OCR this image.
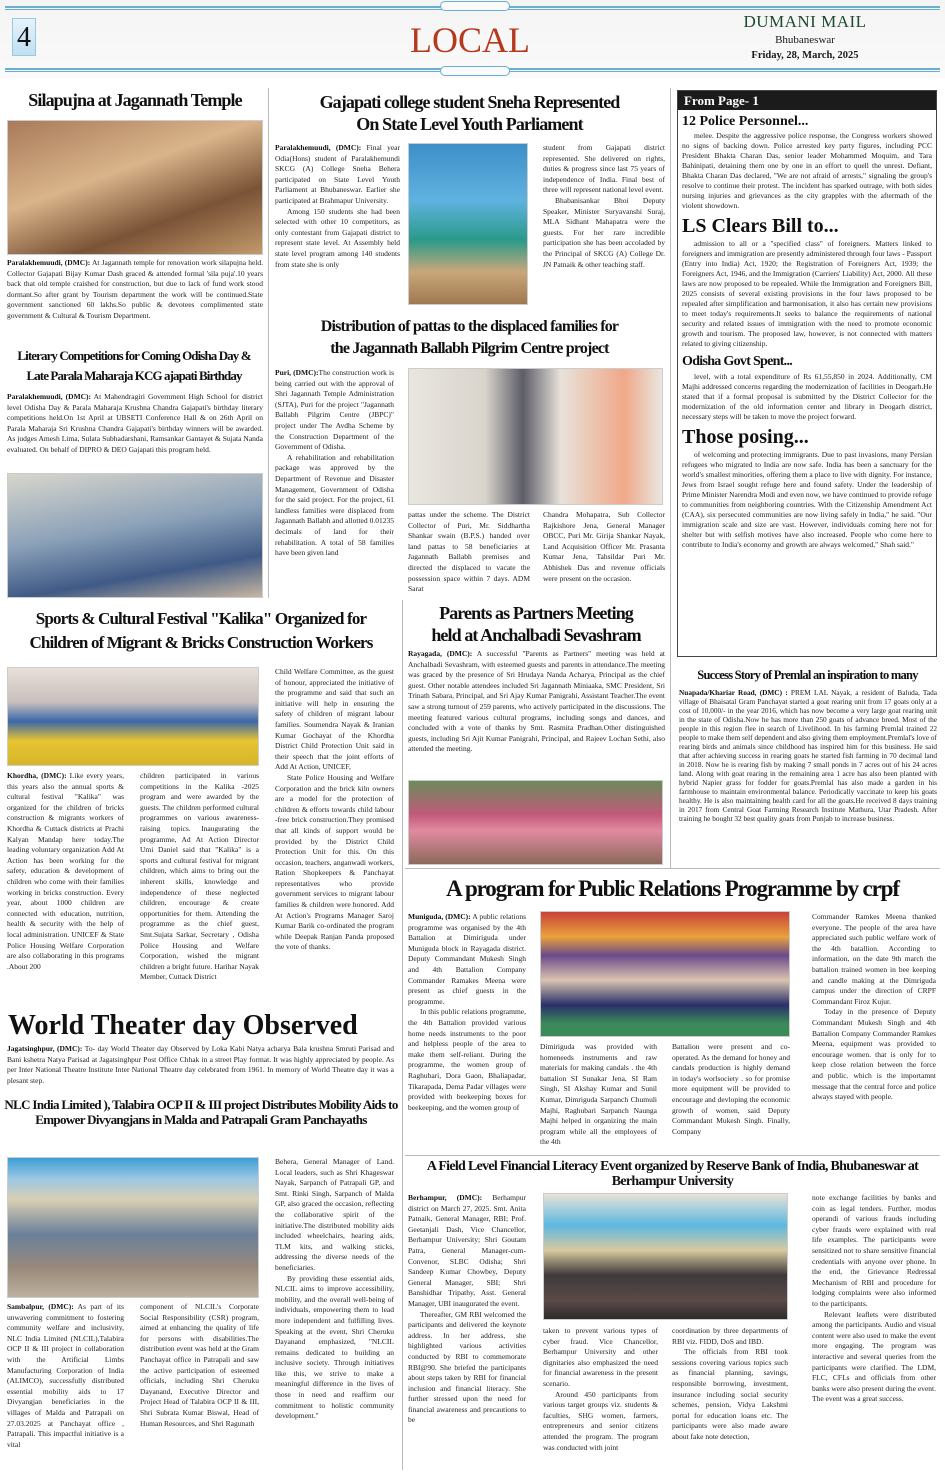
4	LOCAL	DUMANI MAIL
Bhubaneswar
Friday, 28, March, 2025
Silapujna at Jagannath Temple

Paralakhemuudi, (DMC): At Jagannath temple for renovation work silapujna held. Collector Gajapati Bijay Kumar Dash graced & attended formal 'sila puja'.10 years back that old temple craished for construction, but due to lack of fund work stood dormant.So after grant by Tourism department the work will be continued.State government sanctioned 60 lakhs.So public & devotees complimented state government & Cultural & Tourism Department.

Literary Competitions for Coming Odisha Day &
Late Parala Maharaja KCG ajapati Birthday

Paralakhemuudi, (DMC): At Mahendragiri Government High School for district level Odisha Day & Parala Maharaja Krushna Chandra Gajapati's birthday literary competitions held.On 1st April at UBSETI Conference Hall & on 26th April on Parala Maharaja Sri Krushna Chandra Gajapati's birthday winners will be awarded. As judges Amesh Lima, Sulata Subhadarshani, Ramsankar Gantayet & Sujata Nanda evaluated. On behalf of DIPRO & DEO Gajapati this program held.

Gajapati college student Sneha Represented
On State Level Youth Parliament

Paralakhemuudi, (DMC): Final year Odia(Hons) student of Paralakhemundi SKCG (A) College Sneha Behera participated on State Level Youth Parliament at Bhubaneswar. Earlier she participated at Brahmapur University.

Among 150 students she had been selected with other 10 competitors, as only contestant from Gajapati district to represent state level. At Assembly held state level program among 140 students from state she is only

student from Gajapati district represented. She delivered on rights, duties & progress since last 75 years of independence of India. Final best of three will represent national level event.

Bhabanisankar Bhoi Deputy Speaker, Minister Suryavanshi Suraj, MLA Sidhant Mahapatra were the guests. For her rare incredible participation she has been accoladed by the Principal of SKCG (A) College Dr. JN Patnaik & other teaching staff.

Distribution of pattas to the displaced families for
the Jagannath Ballabh Pilgrim Centre project

Puri, (DMC):The construction work is being carried out with the approval of Shri Jagannath Temple Administration (SJTA), Puri for the project "Jagannath Ballabh Pilgrim Centre (JBPC)" project under The Avdha Scheme by the Construction Department of the Government of Odisha.

A rehabilitation and rehabilitation package was approved by the Department of Revenue and Disaster Management, Government of Odisha for the said project. For the project, 61 landless families were displaced from Jagannath Ballabh and allotted 0.01235 decimals of land for their rehabilitation. A total of 58 families have been given land

pattas under the scheme. The District Collector of Puri, Mr. Siddhartha Shankar swain (B.P.S.) handed over land pattas to 58 beneficiaries at Jagannath Ballabh premises and directed the displaced to vacate the possession space within 7 days. ADM Sarat

Chandra Mohapatra, Sub Collector Rajkishore Jena, General Manager OBCC, Puri Mr. Girija Shankar Nayak, Land Acquisition Officer Mr. Prasanta Kumar Jena, Tahsildar Puri Mr. Abhishek Das and revenue officials were present on the occasion.

Parents as Partners Meeting
held at Anchalbadi Sevashram

Rayagada, (DMC): A successful "Parents as Partners" meeting was held at Anchalbadi Sevashram, with esteemed guests and parents in attendance.The meeting was graced by the presence of Sri Hrudaya Nanda Acharya, Principal as the chief guest. Other notable attendees included Sri Jagannath Miniaaka, SMC President, Sri Trinath Sabara, Principal, and Sri Ajay Kumar Panigrahi, Assistant Teacher.The event saw a strong turnout of 259 parents, who actively participated in the discussions. The meeting featured various cultural programs, including songs and dances, and concluded with a vote of thanks by Smt. Rasmita Pradhan.Other distinguished guests, including Sri Ajit Kumar Panigrahi, Principal, and Rajeev Lochan Sethi, also attended the meeting.

From Page- 1
12 Police Personnel...

melee. Despite the aggressive police response, the Congress workers showed no signs of backing down. Police arrested key party figures, including PCC President Bhakta Charan Das, senior leader Mohammed Moquim, and Tara Bahinipati, detaining them one by one in an effort to quell the unrest. Defiant, Bhakta Charan Das declared, "We are not afraid of arrests," signaling the group's resolve to continue their protest. The incident has sparked outrage, with both sides nursing injuries and grievances as the city grapples with the aftermath of the violent showdown.

LS Clears Bill to...

admission to all or a "specified class" of foreigners. Matters linked to foreigners and immigration are presently administered through four laws - Passport (Entry into India) Act, 1920; the Registration of Foreigners Act, 1939; the Foreigners Act, 1946, and the Immigration (Carriers' Liability) Act, 2000. All these laws are now proposed to be repealed. While the Immigration and Foreigners Bill, 2025 consists of several existing provisions in the four laws proposed to be repealed after simplification and harmonisation, it also has certain new provisions to meet today's requirements.It seeks to balance the requirements of national security and related issues of immigration with the need to promote economic growth and tourism. The proposed law, however, is not connected with matters related to giving citizenship.

Odisha Govt Spent...

level, with a total expenditure of Rs 61,55,850 in 2024. Additionally, CM Majhi addressed concerns regarding the modernization of facilities in Deogarh.He stated that if a formal proposal is submitted by the District Collector for the modernization of the old information center and library in Deogarh district, necessary steps will be taken to move the project forward.

Those posing...

of welcoming and protecting immigrants. Due to past invasions, many Persian refugees who migrated to India are now safe. India has been a sanctuary for the world's smallest minorities, offering them a place to live with dignity. For instance, Jews from Israel sought refuge here and found safety. Under the leadership of Prime Minister Narendra Modi and even now, we have continued to provide refuge to communities from neighboring countries. With the Citizenship Amendment Act (CAA), six persecuted communities are now living safely in India," he said. "Our immigration scale and size are vast. However, individuals coming here not for shelter but with selfish motives have also increased. People who come here to contribute to India's economy and growth are always welcomed," Shah said."

Success Story of Premlal an inspiration to many

Nuapada/Khariar Road, (DMC) : PREM LAL Nayak, a resident of Baluda, Tada village of Bhaisatal Gram Panchayat started a goat rearing unit from 17 goats only at a cost of 10,000/- in the year 2016, which has now become a very large goat rearing unit in the state of Odisha.Now he has more than 250 goats of advance breed. Most of the people in this region flee in search of Livelihood. In his farming Premlal trained 22 people to make them self dependent and also giving them employment.Premlal's love of rearing birds and animals since childhood has inspired him for this business. He said that after achieving success in rearing goats he started fish farming in 70 decimal land in 2018. Now he is rearing fish by making 7 small ponds in 7 acres out of his 24 acres land. Along with goat rearing in the remaining area 1 acre has also been planted with hybrid Napier grass for fodder for goats.Premlal has also made a garden in his farmhouse to maintain environmental balance. Periodically vaccinate to keep his goats healthy. He is also maintaining health card for all the goats.He received 8 days training in 2017 from Central Goat Farming Research Institute Mathura, Utar Pradesh. After training he bought 32 best quality goats from Punjab to increase business.

Sports & Cultural Festival "Kalika" Organized for
Children of Migrant & Bricks Construction Workers

Khordha, (DMC): Like every years, this years also the annual sports & cultural festival "Kalika" was organized for the children of bricks construction & migrants workers of Khordha & Cuttack districts at Prachi Kalyan Mandap here today.The leading voluntary organization Add At Action has been working for the safety, education & development of children who come with their families working in bricks construction. Every year, about 1000 children are connected with education, nutrition, health & security with the help of local administration. UNICEF & State Police Housing Welfare Corporation are also collaborating in this programs .About 200

children participated in various competitions in the Kalika -2025 program and were awarded by the guests. The children performed cultural programmes on various awareness-raising topics. Inaugurating the programme, Ad At Action Director Umi Daniel said that "Kalika" is a sports and cultural festival for migrant children, which aims to bring out the inherent skills, knowledge and independence of these neglected children, encourage & create opportunities for them. Attending the programme as the chief guest, Smt.Sujata Sarkar, Secretary , Odisha Police Housing and Welfare Corporation, wished the migrant children a bright future. Harihar Nayak Member, Cuttack District

Child Welfare Committee, as the guest of honour, appreciated the initiative of the programme and said that such an initiative will help in ensuring the safety of children of migrant labour families. Soumendra Nayak & Iranian Kumar Gochayat of the Khordha District Child Protection Unit said in their speech that the joint efforts of Add At Action, UNICEF,

State Police Housing and Welfare Corporation and the brick kiln owners are a model for the protection of children & efforts towards child labour -free brick construction.They promised that all kinds of support would be provided by the District Child Protection Unit for this. On this occasion, teachers, anganwadi workers, Ration Shopkeepers & Panchayat representatives who provide government services to migrant labour families & children were honored. Add At Action's Programs Manager Saroj Kumar Barik co-ordinated the program while Deepak Ranjan Panda proposed the vote of thanks.

World Theater day Observed

Jagatsinghpur, (DMC): To- day World Theater day Observed by Loka Kabi Natya acharya Bala krushna Smruti Parisad and Bani kshetra Natya Parisad at Jagatsinghpur Post Office Chhak in a street Play format. It was highly appreciated by people. As per Inter National Theatre Institute Inter National Theatre day celebrated from 1961. In memory of World Theatre day it was a plesant step.

NLC India Limited ), Talabira OCP II & III project Distributes Mobility Aids to
Empower Divyangjans in Malda and Patrapali Gram Panchayaths

Sambalpur, (DMC): As part of its unwavering commitment to fostering community welfare and inclusivity, NLC India Limited (NLCIL),Talabira OCP II & III project in collaboration with the Artificial Limbs Manufacturing Corporation of India (ALIMCO), successfully distributed essential mobility aids to 17 Divyangjan beneficiaries in the villages of Malda and Patrapali on 27.03.2025 at Panchayat office , Patrapali. This impactful initiative is a vital

component of NLCIL's Corporate Social Responsibility (CSR) program, aimed at enhancing the quality of life for persons with disabilities.The distribution event was held at the Gram Panchayat office in Patrapali and saw the active participation of esteemed officials, including Shri Cheruku Dayanand, Executive Director and Project Head of Talabira OCP II & III, Shri Subrata Kumar Biswal, Head of Human Resources, and Shri Ragunath

Behera, General Manager of Land. Local leaders, such as Shri Khageswar Nayak, Sarpanch of Patrapali GP, and Smt. Rinki Singh, Sarpanch of Malda GP, also graced the occasion, reflecting the collaborative spirit of the initiative.The distributed mobility aids included wheelchairs, hearing aids, TLM kits, and walking sticks, addressing the diverse needs of the beneficiaries.

By providing these essential aids, NLCIL aims to improve accessibility, mobility, and the overall well-being of individuals, empowering them to lead more independent and fulfilling lives. Speaking at the event, Shri Cheruku Dayanand emphasized, "NLCIL remains dedicated to building an inclusive society. Through initiatives like this, we strive to make a meaningful difference in the lives of those in need and reaffirm our commitment to holistic community development."

A program for Public Relations Programme by crpf

Muniguda, (DMC): A public relations programme was organised by the 4th Battalion at Dimiriguda under Muniguda block in Rayagada district. Deputy Commandant Mukesh Singh and 4th Battalion Company Commander Ramakes Meena were present as chief guests in the programme.

In this public relations programme, the 4th Battalion provided various home needs instruments to the poor and helpless people of the area to make them self-reliant. During the programme, the women group of Raghubari, Dora Gaon, Bhaliapadar, Tikarapada, Dema Padar villages were provided with beekeeping boxes for beekeeping, and the women group of

Dimiriguda was provided with homeneeds instruments and raw materials for making candals . the 4th battalion SI Sunakar Jena, SI Ram Singh, SI Akshay Kumar and Sunil Kumar, Dimriguda Sarpanch Chumuli Majhi, Raghubari Sarpanch Naunga Majhi helped in organizing the main program while all the employees of the 4th

Battalion were present and co-operated. As the demand for honey and candals production is highly demand in today's worlsociety . so for promise more equipment will be provided to encourage and devloping the economic growth of women, said Deputy Commandant Mukesh Singh. Finally, Company

Commander Ramkes Meena thanked everyone. The people of the area have appreciated such public welfare work of the 4th batallion. According to information, on the date 9th march the battalion trained women in bee keeping and candle making at the Dimriguda campus under the direction of CRPF Commandant Firoz Kujur.

Today in the presence of Deputy Commandant Mukesh Singh and 4th Battalion Company Commander Ramkes Meena, equipment was provided to encourage women. that is only for to keep close relation between the force and public. which is the importamnt message that the central force and police always stayed with people.

A Field Level Financial Literacy Event organized by Reserve Bank of India, Bhubaneswar at Berhampur University

Berhampur, (DMC): Berhampur district on March 27, 2025. Smt. Anita Patnaik, General Manager, RBI; Prof. Geetanjali Dash, Vice Chancellor, Berhampur University; Shri Goutam Patra, General Manager-cum- Convenor, SLBC Odisha; Shri Sandeep Kumar Chowbey, Deputy General Manager, SBI; Shri Banshidhar Tripathy, Asst. General Manager, UBI inaugurated the event.

Thereafter, GM RBI welcomed the participants and delivered the keynote address. In her address, she highlighted various activities conducted by RBI to commemorate RBI@90. She briefed the participants about steps taken by RBI for financial inclusion and financial literacy. She further stressed upon the need for financial awareness and precautions to be

taken to prevent various types of cyber fraud. Vice Chancellor, Berhampur University and other dignitaries also emphasized the need for financial awareness in the present scenario.

Around 450 participants from various target groups viz. students & faculties, SHG women, farmers, entrepreneurs and senior citizens attended the program. The program was conducted with joint

coordination by three departments of RBI viz. FIDD, DoS and IBD.

The officials from RBI took sessions covering various topics such as financial planning, savings, responsible borrowing, investment, insurance including social security schemes, pension, Vidya Lakshmi portal for education loans etc. The participants were also made aware about fake note detection,

note exchange facilities by banks and coin as legal tenders. Further, modus operandi of various frauds including cyber frauds were explained with real life examples. The participants were sensitized not to share sensitive financial credentials with anyone over phone. In the end, the Grievance Redressal Mechanism of RBI and procedure for lodging complaints were also informed to the participants.

Relevant leaflets were distributed among the participants. Audio and visual content were also used to make the event more engaging. The program was interactive and several queries from the participants were clarified. The LDM, FLC, CFLs and officials from other banks were also present during the event. The event was a great success.
